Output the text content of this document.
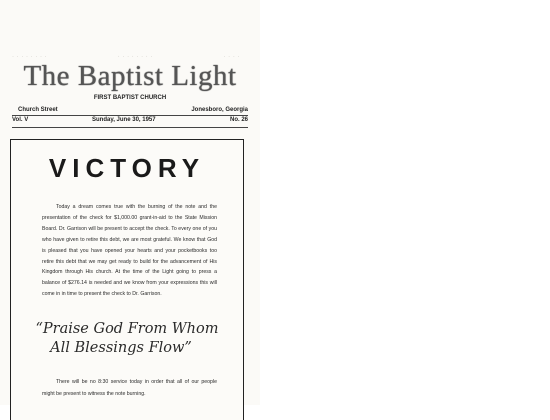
· · · · · · · ·	· · · · · · · ·	· · · ·
The Baptist Light
FIRST BAPTIST CHURCH
Church Street	Jonesboro, Georgia
Vol. V	Sunday, June 30, 1957	No. 26
VICTORY

Today a dream comes true with the burning of the note and the presentation of the check for $1,000.00 grant-in-aid to the State Mission Board. Dr. Garrison will be present to accept the check. To every one of you who have given to retire this debt, we are most grateful. We know that God is pleased that you have opened your hearts and your pocketbooks too retire this debt that we may get ready to build for the advancement of His Kingdom through His church. At the time of the Light going to press a balance of $276.14 is needed and we know from your expressions this will come in in time to present the check to Dr. Garrison.

“Praise God From Whom
All Blessings Flow”

There will be no 8:30 service today in order that all of our people might be present to witness the note burning.
